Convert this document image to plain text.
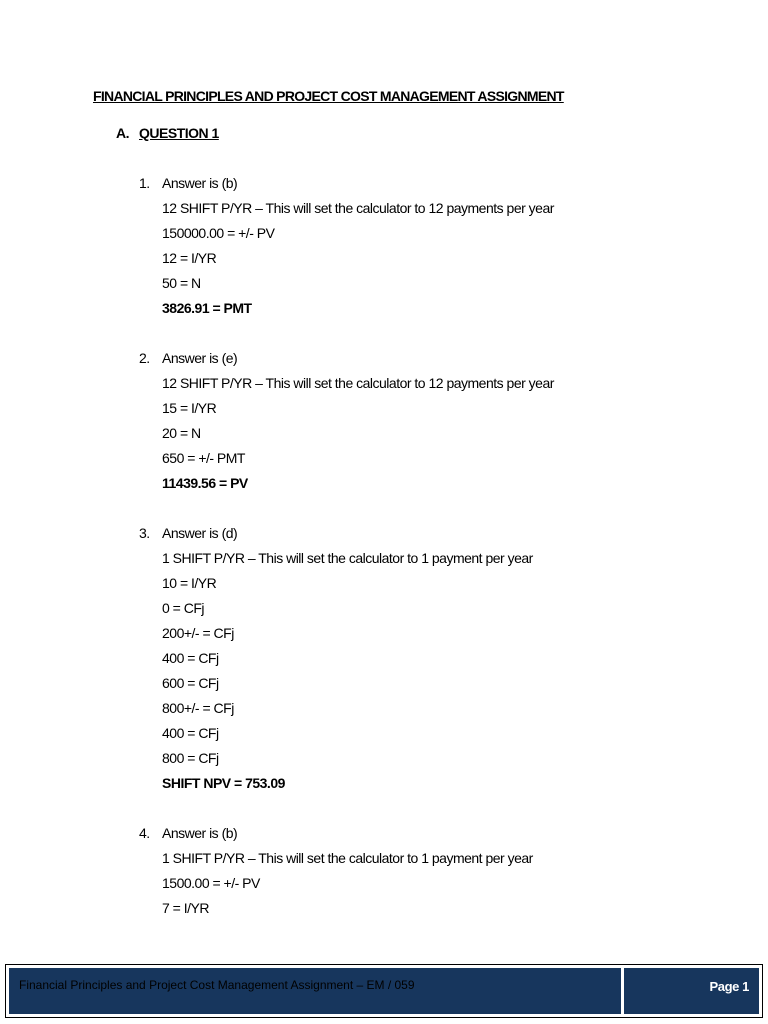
FINANCIAL PRINCIPLES AND PROJECT COST MANAGEMENT ASSIGNMENT
A. QUESTION 1
1. Answer is (b)
12 SHIFT P/YR – This will set the calculator to 12 payments per year
150000.00 = +/- PV
12 = I/YR
50 = N
3826.91 = PMT
2. Answer is (e)
12 SHIFT P/YR – This will set the calculator to 12 payments per year
15 = I/YR
20 = N
650 = +/- PMT
11439.56 = PV
3. Answer is (d)
1 SHIFT P/YR – This will set the calculator to 1 payment per year
10 = I/YR
0 = CFj
200+/- = CFj
400 = CFj
600 = CFj
800+/- = CFj
400 = CFj
800 = CFj
SHIFT NPV = 753.09
4. Answer is (b)
1 SHIFT P/YR – This will set the calculator to 1 payment per year
1500.00 = +/- PV
7 = I/YR
Financial Principles and Project Cost Management Assignment – EM / 059	Page 1
